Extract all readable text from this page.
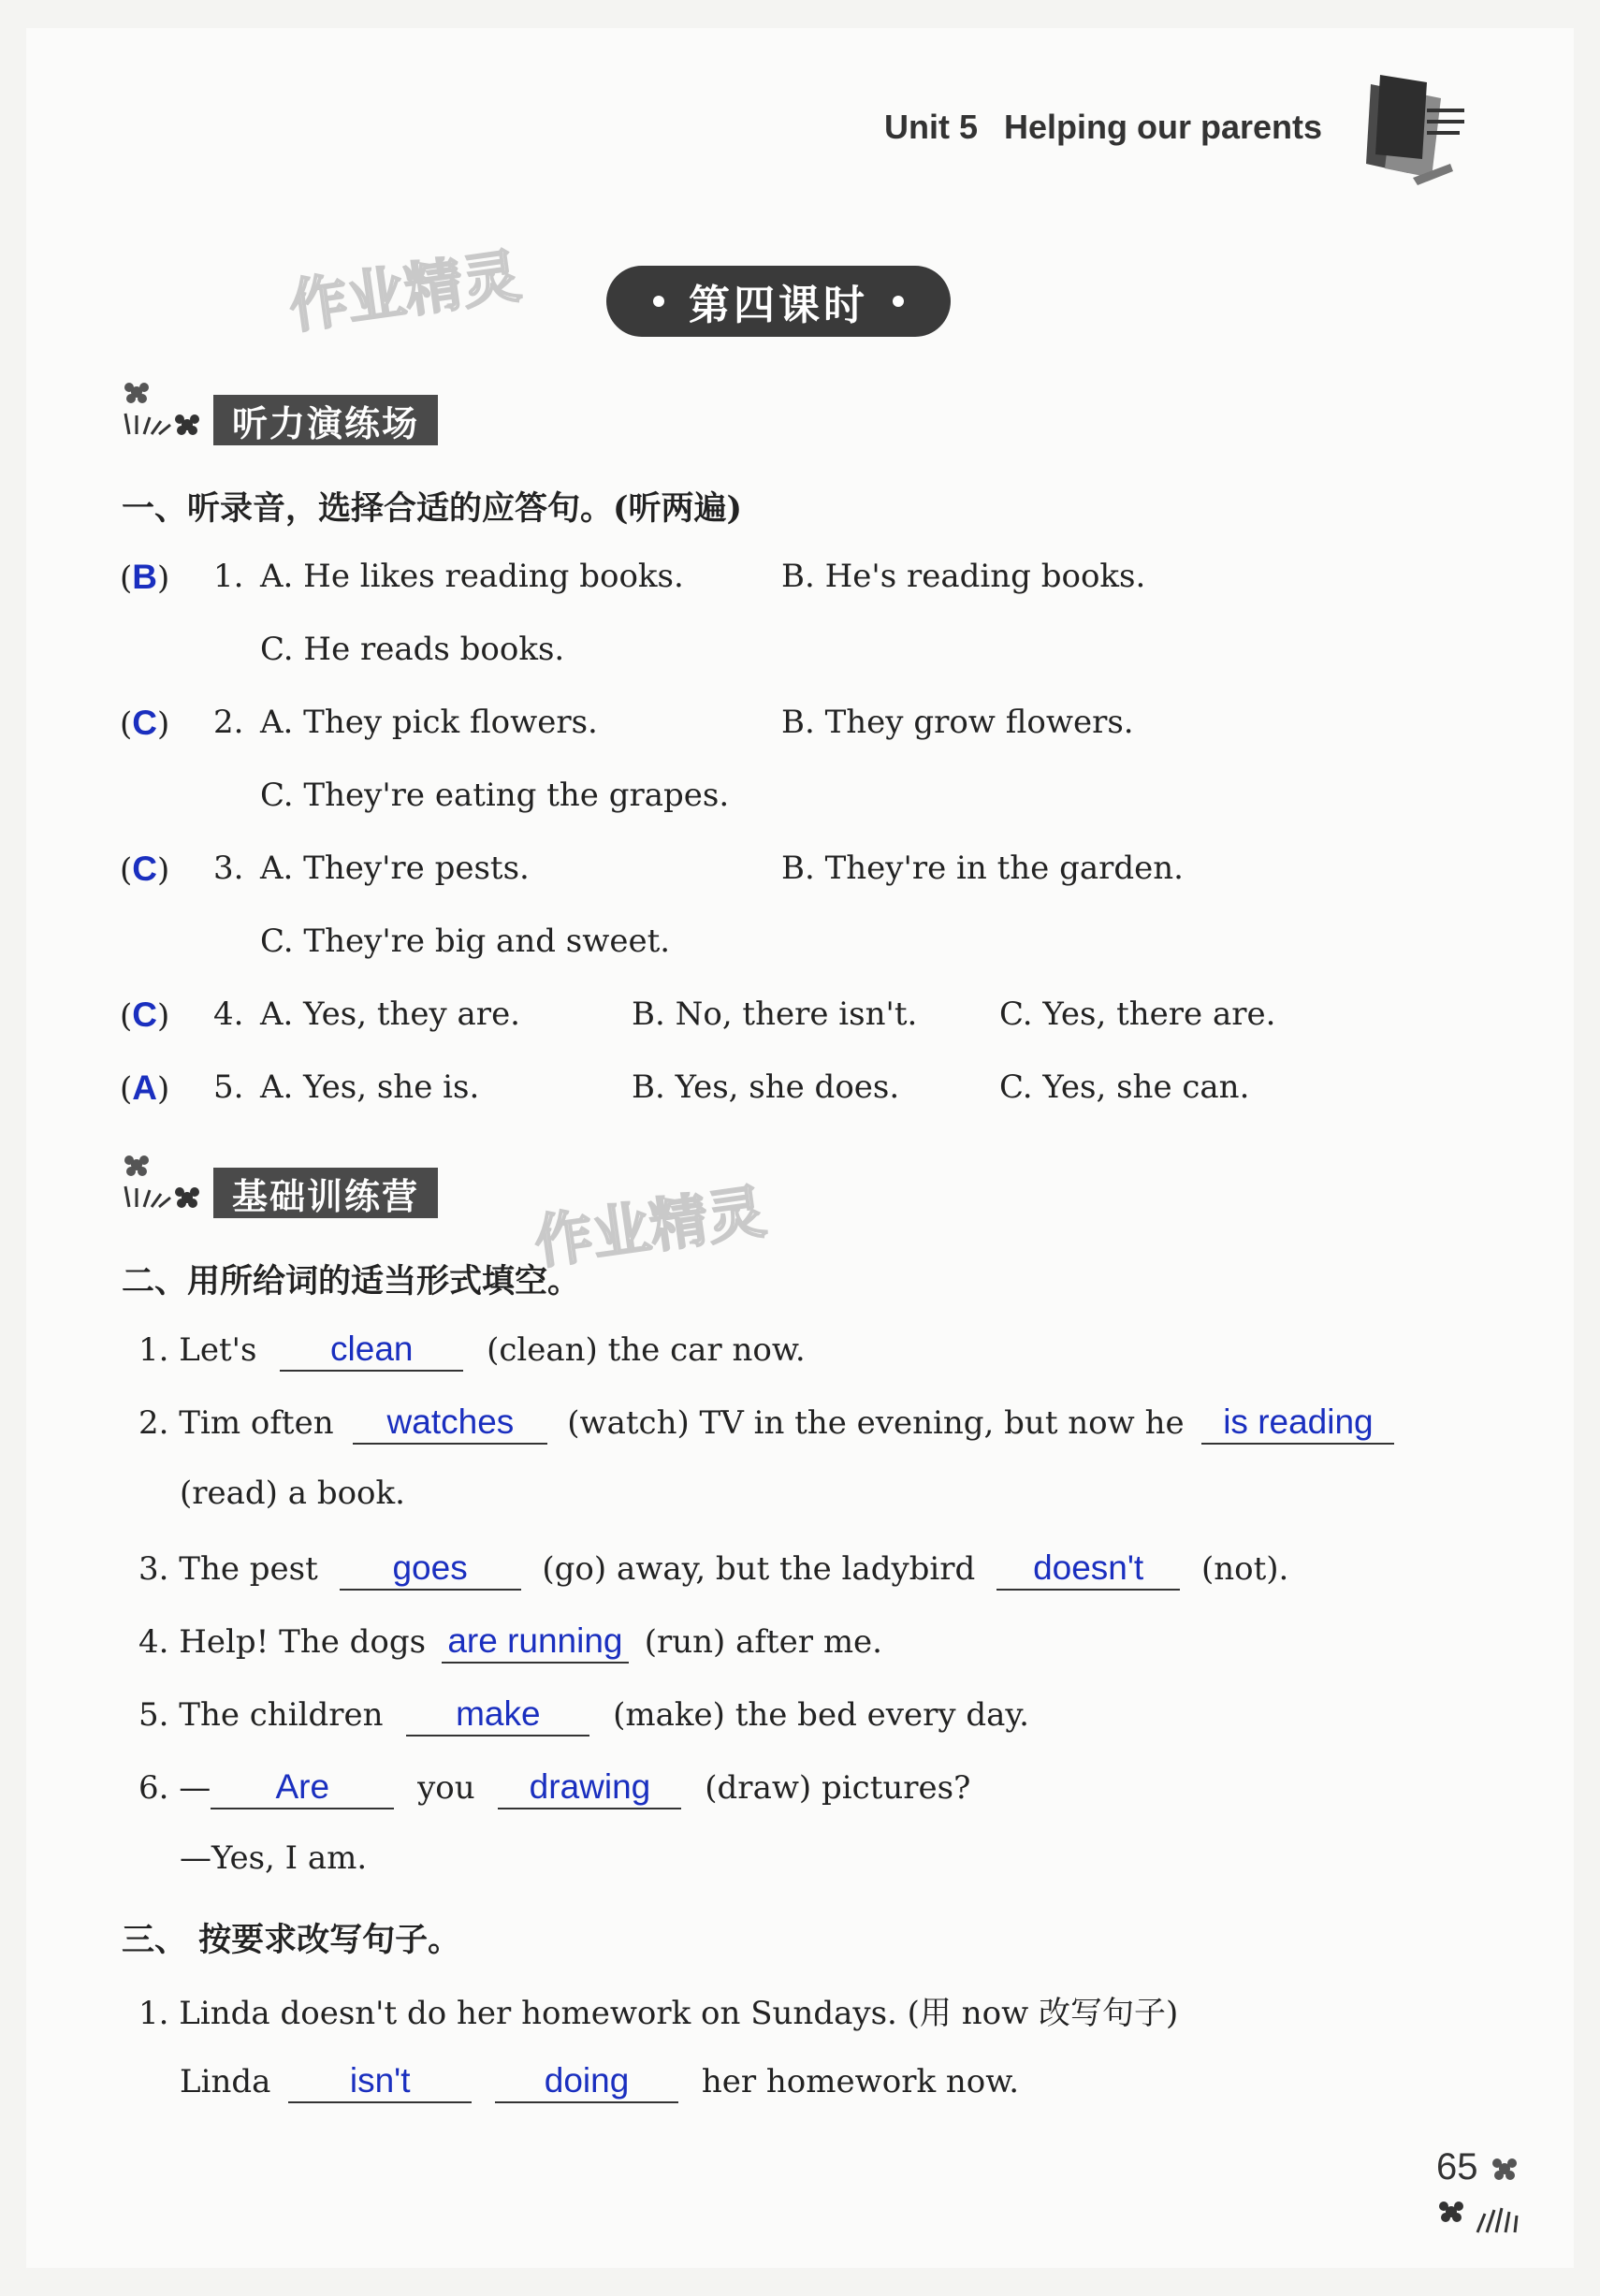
Unit 5 Helping our parents
作业精灵
作业精灵
第四课时
听力演练场
一、听录音，选择合适的应答句。(听两遍)
(B) 1. A. He likes reading books.	B. He's reading books.
C. He reads books.
(C) 2. A. They pick flowers.	B. They grow flowers.
C. They're eating the grapes.
(C) 3. A. They're pests.	B. They're in the garden.
C. They're big and sweet.
(C) 4. A. Yes, they are.	B. No, there isn't.	C. Yes, there are.
(A) 5. A. Yes, she is.	B. Yes, she does.	C. Yes, she can.
基础训练营
二、用所给词的适当形式填空。
1. Let's clean (clean) the car now.
2. Tim often watches (watch) TV in the evening, but now he is reading
(read) a book.
3. The pest goes (go) away, but the ladybird doesn't (not).
4. Help! The dogs are running (run) after me.
5. The children make (make) the bed every day.
6. — Are	you drawing (draw) pictures?
—Yes, I am.
三、 按要求改写句子。
1. Linda doesn't do her homework on Sundays. (用 now 改写句子)
Linda isn't	doing her homework now.
65
